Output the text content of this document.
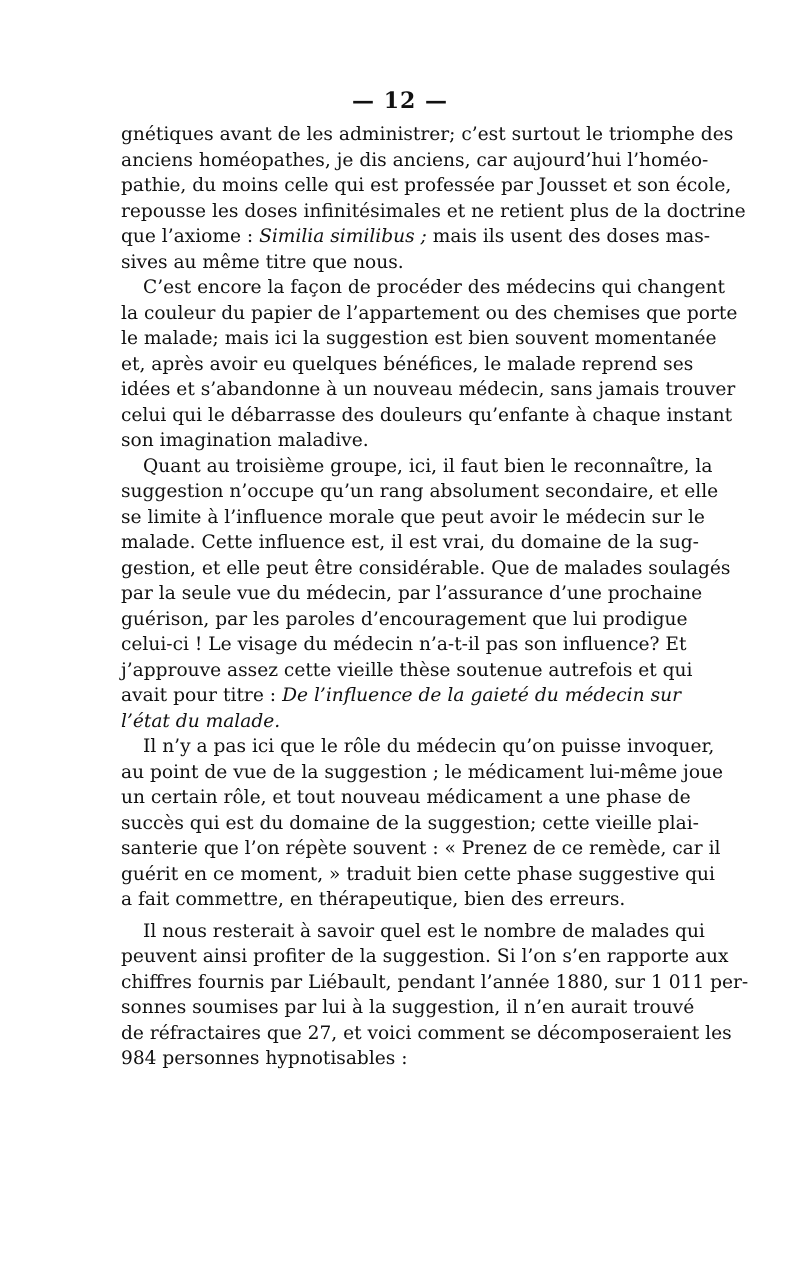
— 12 —
gnétiques avant de les administrer; c’est surtout le triomphe des
anciens homéopathes, je dis anciens, car aujourd’hui l’homéo-
pathie, du moins celle qui est professée par Jousset et son école,
repousse les doses infinitésimales et ne retient plus de la doctrine
que l’axiome : Similia similibus ; mais ils usent des doses mas-
sives au même titre que nous.
C’est encore la façon de procéder des médecins qui changent
la couleur du papier de l’appartement ou des chemises que porte
le malade; mais ici la suggestion est bien souvent momentanée
et, après avoir eu quelques bénéfices, le malade reprend ses
idées et s’abandonne à un nouveau médecin, sans jamais trouver
celui qui le débarrasse des douleurs qu’enfante à chaque instant
son imagination maladive.
Quant au troisième groupe, ici, il faut bien le reconnaître, la
suggestion n’occupe qu’un rang absolument secondaire, et elle
se limite à l’influence morale que peut avoir le médecin sur le
malade. Cette influence est, il est vrai, du domaine de la sug-
gestion, et elle peut être considérable. Que de malades soulagés
par la seule vue du médecin, par l’assurance d’une prochaine
guérison, par les paroles d’encouragement que lui prodigue
celui-ci ! Le visage du médecin n’a-t-il pas son influence? Et
j’approuve assez cette vieille thèse soutenue autrefois et qui
avait pour titre : De l’influence de la gaieté du médecin sur
l’état du malade.
Il n’y a pas ici que le rôle du médecin qu’on puisse invoquer,
au point de vue de la suggestion ; le médicament lui-même joue
un certain rôle, et tout nouveau médicament a une phase de
succès qui est du domaine de la suggestion; cette vieille plai-
santerie que l’on répète souvent : « Prenez de ce remède, car il
guérit en ce moment, » traduit bien cette phase suggestive qui
a fait commettre, en thérapeutique, bien des erreurs.
Il nous resterait à savoir quel est le nombre de malades qui
peuvent ainsi profiter de la suggestion. Si l’on s’en rapporte aux
chiffres fournis par Liébault, pendant l’année 1880, sur 1 011 per-
sonnes soumises par lui à la suggestion, il n’en aurait trouvé
de réfractaires que 27, et voici comment se décomposeraient les
984 personnes hypnotisables :
